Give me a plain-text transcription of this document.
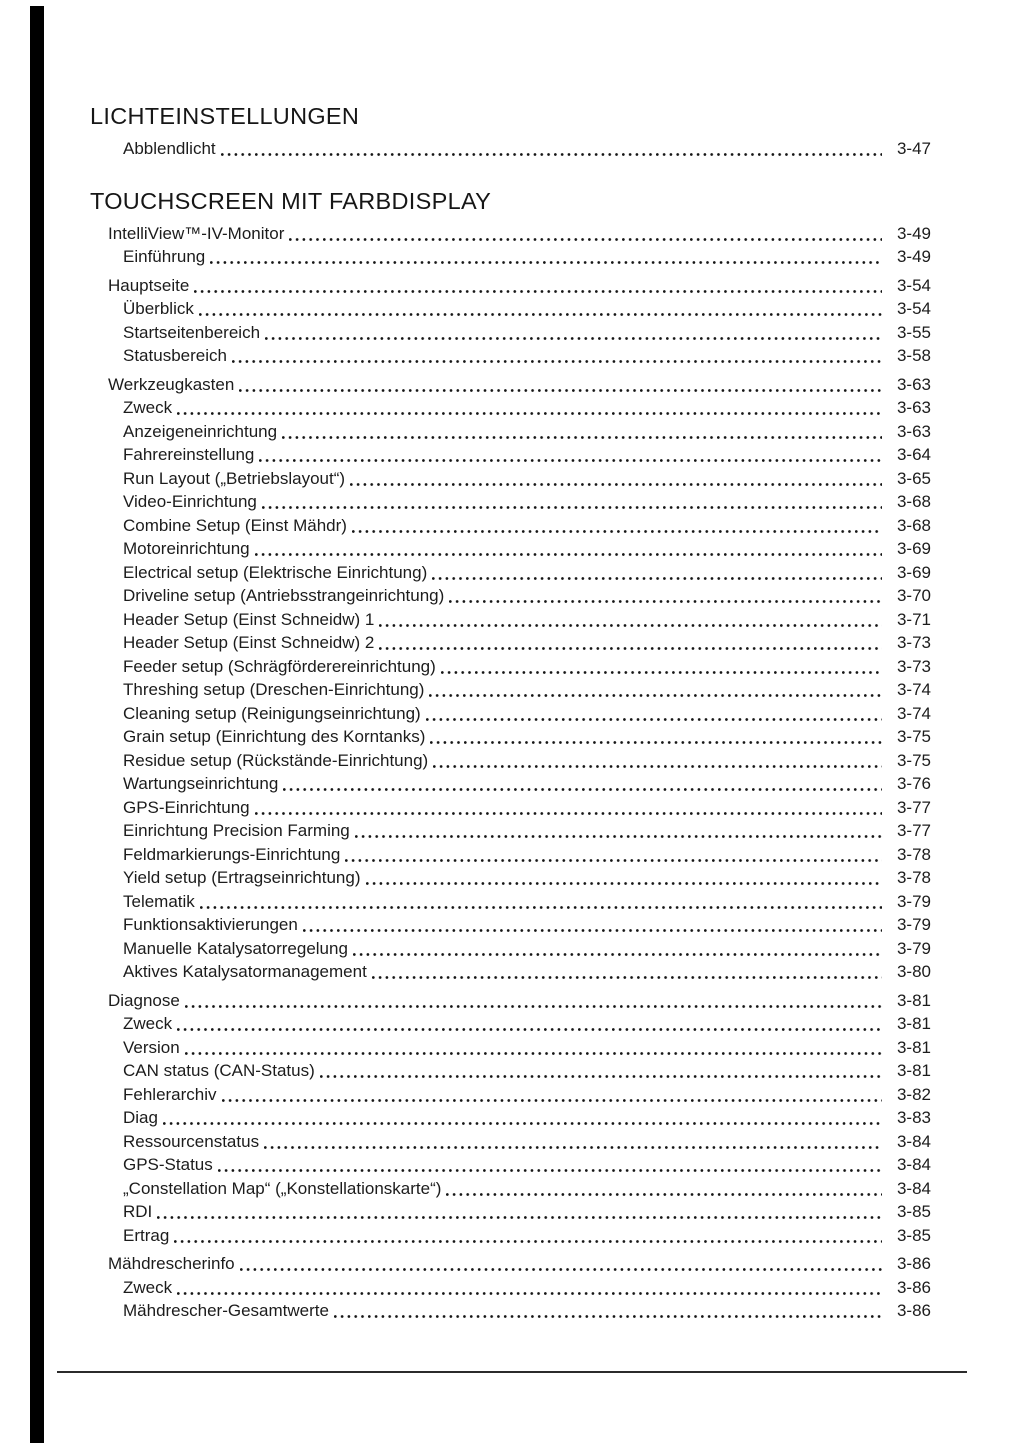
LICHTEINSTELLUNGEN
Abblendlicht	3-47
TOUCHSCREEN MIT FARBDISPLAY
IntelliView™-IV-Monitor	3-49
Einführung	3-49
Hauptseite	3-54
Überblick	3-54
Startseitenbereich	3-55
Statusbereich	3-58
Werkzeugkasten	3-63
Zweck	3-63
Anzeigeneinrichtung	3-63
Fahrereinstellung	3-64
Run Layout („Betriebslayout“)	3-65
Video-Einrichtung	3-68
Combine Setup (Einst Mähdr)	3-68
Motoreinrichtung	3-69
Electrical setup (Elektrische Einrichtung)	3-69
Driveline setup (Antriebsstrangeinrichtung)	3-70
Header Setup (Einst Schneidw) 1	3-71
Header Setup (Einst Schneidw) 2	3-73
Feeder setup (Schrägförderereinrichtung)	3-73
Threshing setup (Dreschen-Einrichtung)	3-74
Cleaning setup (Reinigungseinrichtung)	3-74
Grain setup (Einrichtung des Korntanks)	3-75
Residue setup (Rückstände-Einrichtung)	3-75
Wartungseinrichtung	3-76
GPS-Einrichtung	3-77
Einrichtung Precision Farming	3-77
Feldmarkierungs-Einrichtung	3-78
Yield setup (Ertragseinrichtung)	3-78
Telematik	3-79
Funktionsaktivierungen	3-79
Manuelle Katalysatorregelung	3-79
Aktives Katalysatormanagement	3-80
Diagnose	3-81
Zweck	3-81
Version	3-81
CAN status (CAN-Status)	3-81
Fehlerarchiv	3-82
Diag	3-83
Ressourcenstatus	3-84
GPS-Status	3-84
„Constellation Map“ („Konstellationskarte“)	3-84
RDI	3-85
Ertrag	3-85
Mähdrescherinfo	3-86
Zweck	3-86
Mähdrescher-Gesamtwerte	3-86
